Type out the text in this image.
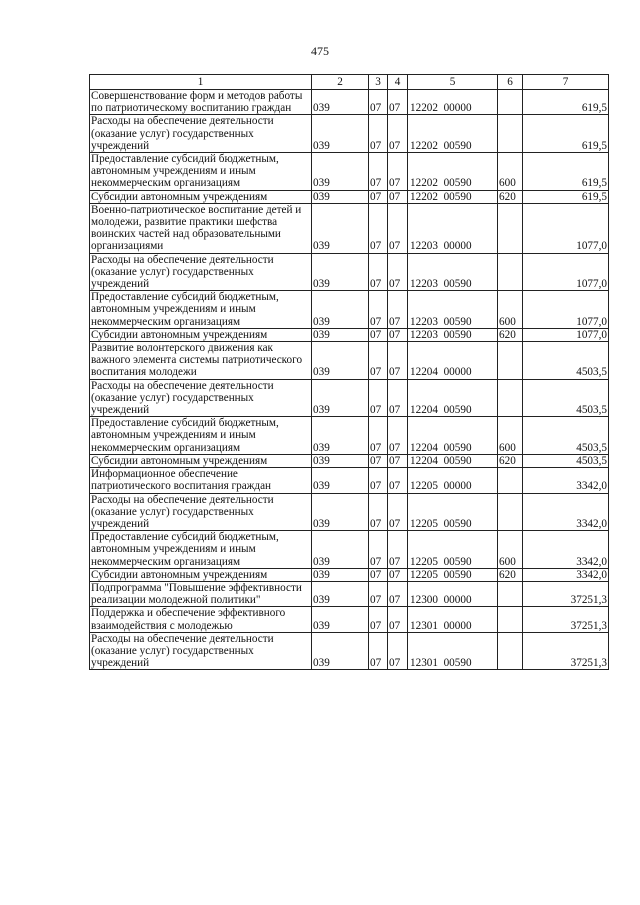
475
1	2	3	4	5	6	7
Совершенствование форм и методов работы по патриотическому воспитанию граждан	039	07	07	12202  00000		619,5
Расходы на обеспечение деятельности (оказание услуг) государственных учреждений	039	07	07	12202  00590		619,5
Предоставление субсидий бюджетным, автономным учреждениям и иным некоммерческим организациям	039	07	07	12202  00590	600	619,5
Субсидии автономным учреждениям	039	07	07	12202  00590	620	619,5
Военно-патриотическое воспитание детей и молодежи, развитие практики шефства воинских частей над образовательными организациями	039	07	07	12203  00000		1077,0
Расходы на обеспечение деятельности (оказание услуг) государственных учреждений	039	07	07	12203  00590		1077,0
Предоставление субсидий бюджетным, автономным учреждениям и иным некоммерческим организациям	039	07	07	12203  00590	600	1077,0
Субсидии автономным учреждениям	039	07	07	12203  00590	620	1077,0
Развитие волонтерского движения как важного элемента системы патриотического воспитания молодежи	039	07	07	12204  00000		4503,5
Расходы на обеспечение деятельности (оказание услуг) государственных учреждений	039	07	07	12204  00590		4503,5
Предоставление субсидий бюджетным, автономным учреждениям и иным некоммерческим организациям	039	07	07	12204  00590	600	4503,5
Субсидии автономным учреждениям	039	07	07	12204  00590	620	4503,5
Информационное обеспечение патриотического воспитания граждан	039	07	07	12205  00000		3342,0
Расходы на обеспечение деятельности (оказание услуг) государственных учреждений	039	07	07	12205  00590		3342,0
Предоставление субсидий бюджетным, автономным учреждениям и иным некоммерческим организациям	039	07	07	12205  00590	600	3342,0
Субсидии автономным учреждениям	039	07	07	12205  00590	620	3342,0
Подпрограмма "Повышение эффективности реализации молодежной политики"	039	07	07	12300  00000		37251,3
Поддержка и обеспечение эффективного взаимодействия с молодежью	039	07	07	12301  00000		37251,3
Расходы на обеспечение деятельности (оказание услуг) государственных учреждений	039	07	07	12301  00590		37251,3
